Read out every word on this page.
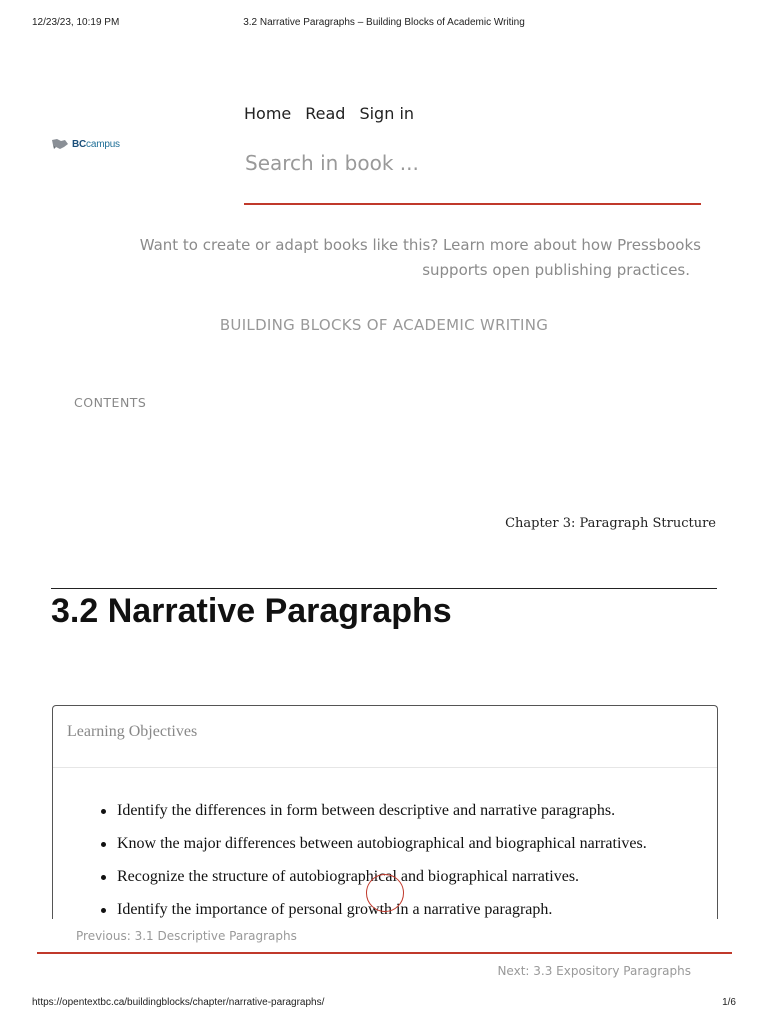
12/23/23, 10:19 PM	3.2 Narrative Paragraphs – Building Blocks of Academic Writing
BCcampus
Home Read Sign in
Search in book ...
Want to create or adapt books like this? Learn more about how Pressbooks
supports open publishing practices.
BUILDING BLOCKS OF ACADEMIC WRITING
CONTENTS
Chapter 3: Paragraph Structure
3.2 Narrative Paragraphs
Learning Objectives
Identify the differences in form between descriptive and narrative paragraphs.
Know the major differences between autobiographical and biographical narratives.
Recognize the structure of autobiographical and biographical narratives.
Identify the importance of personal growth in a narrative paragraph.
Previous: 3.1 Descriptive Paragraphs
Next: 3.3 Expository Paragraphs
https://opentextbc.ca/buildingblocks/chapter/narrative-paragraphs/	1/6
